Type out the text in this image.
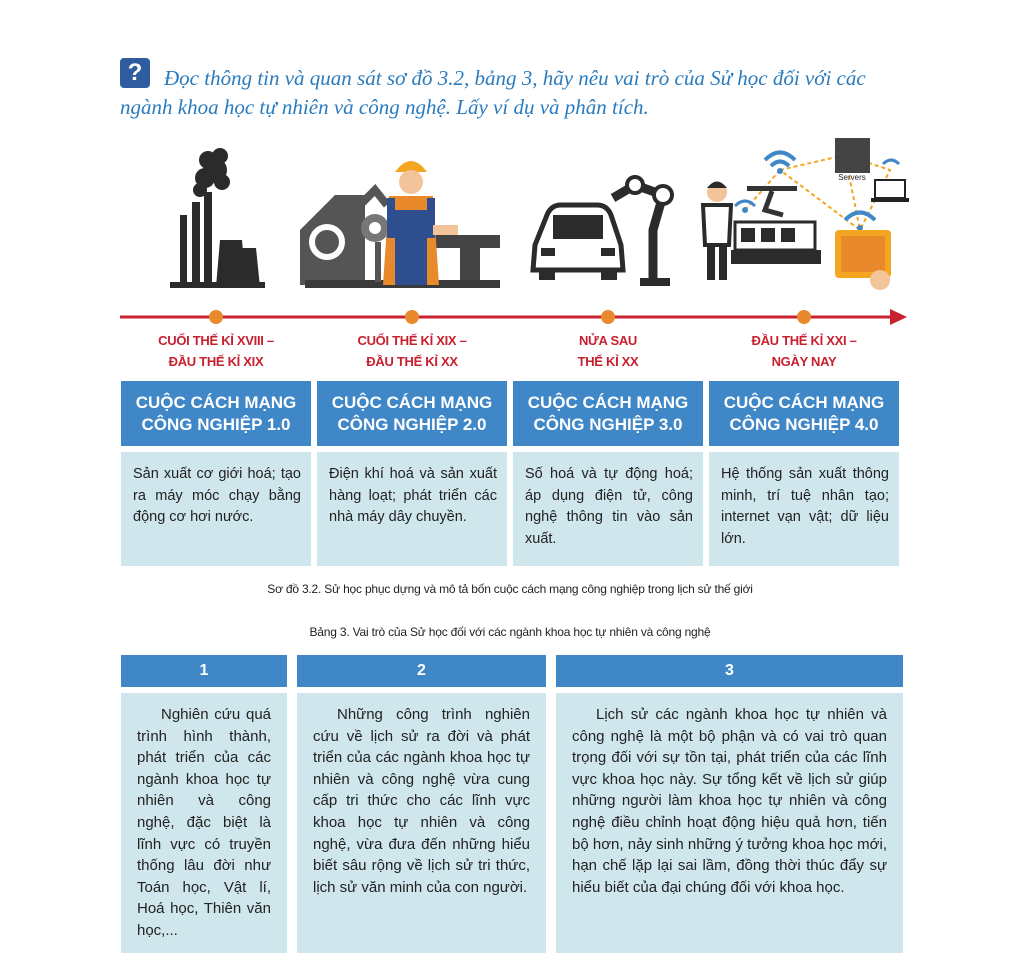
?	Đọc thông tin và quan sát sơ đồ 3.2, bảng 3, hãy nêu vai trò của Sử học đối với các ngành khoa học tự nhiên và công nghệ. Lấy ví dụ và phân tích.

Servers
CUỐI THẾ KỈ XVIII –
ĐẦU THẾ KỈ XIX
CUỐI THẾ KỈ XIX –
ĐẦU THẾ KỈ XX
NỬA SAU
THẾ KỈ XX
ĐẦU THẾ KỈ XXI –
NGÀY NAY
CUỘC CÁCH MẠNG
CÔNG NGHIỆP 1.0
CUỘC CÁCH MẠNG
CÔNG NGHIỆP 2.0
CUỘC CÁCH MẠNG
CÔNG NGHIỆP 3.0
CUỘC CÁCH MẠNG
CÔNG NGHIỆP 4.0
Sản xuất cơ giới hoá; tạo ra máy móc chạy bằng động cơ hơi nước.
Điện khí hoá và sản xuất hàng loạt; phát triển các nhà máy dây chuyền.
Số hoá và tự động hoá; áp dụng điện tử, công nghệ thông tin vào sản xuất.
Hệ thống sản xuất thông minh, trí tuệ nhân tạo; internet vạn vật; dữ liệu lớn.
Sơ đồ 3.2. Sử học phục dựng và mô tả bốn cuộc cách mạng công nghiệp trong lịch sử thế giới
Bảng 3. Vai trò của Sử học đối với các ngành khoa học tự nhiên và công nghệ
1	2	3
Nghiên cứu quá trình hình thành, phát triển của các ngành khoa học tự nhiên và công nghệ, đặc biệt là lĩnh vực có truyền thống lâu đời như Toán học, Vật lí, Hoá học, Thiên văn học,...
Những công trình nghiên cứu về lịch sử ra đời và phát triển của các ngành khoa học tự nhiên và công nghệ vừa cung cấp tri thức cho các lĩnh vực khoa học tự nhiên và công nghệ, vừa đưa đến những hiểu biết sâu rộng về lịch sử tri thức, lịch sử văn minh của con người.
Lịch sử các ngành khoa học tự nhiên và công nghệ là một bộ phận và có vai trò quan trọng đối với sự tồn tại, phát triển của các lĩnh vực khoa học này. Sự tổng kết về lịch sử giúp những người làm khoa học tự nhiên và công nghệ điều chỉnh hoạt động hiệu quả hơn, tiến bộ hơn, nảy sinh những ý tưởng khoa học mới, hạn chế lặp lại sai lầm, đồng thời thúc đẩy sự hiểu biết của đại chúng đối với khoa học.
